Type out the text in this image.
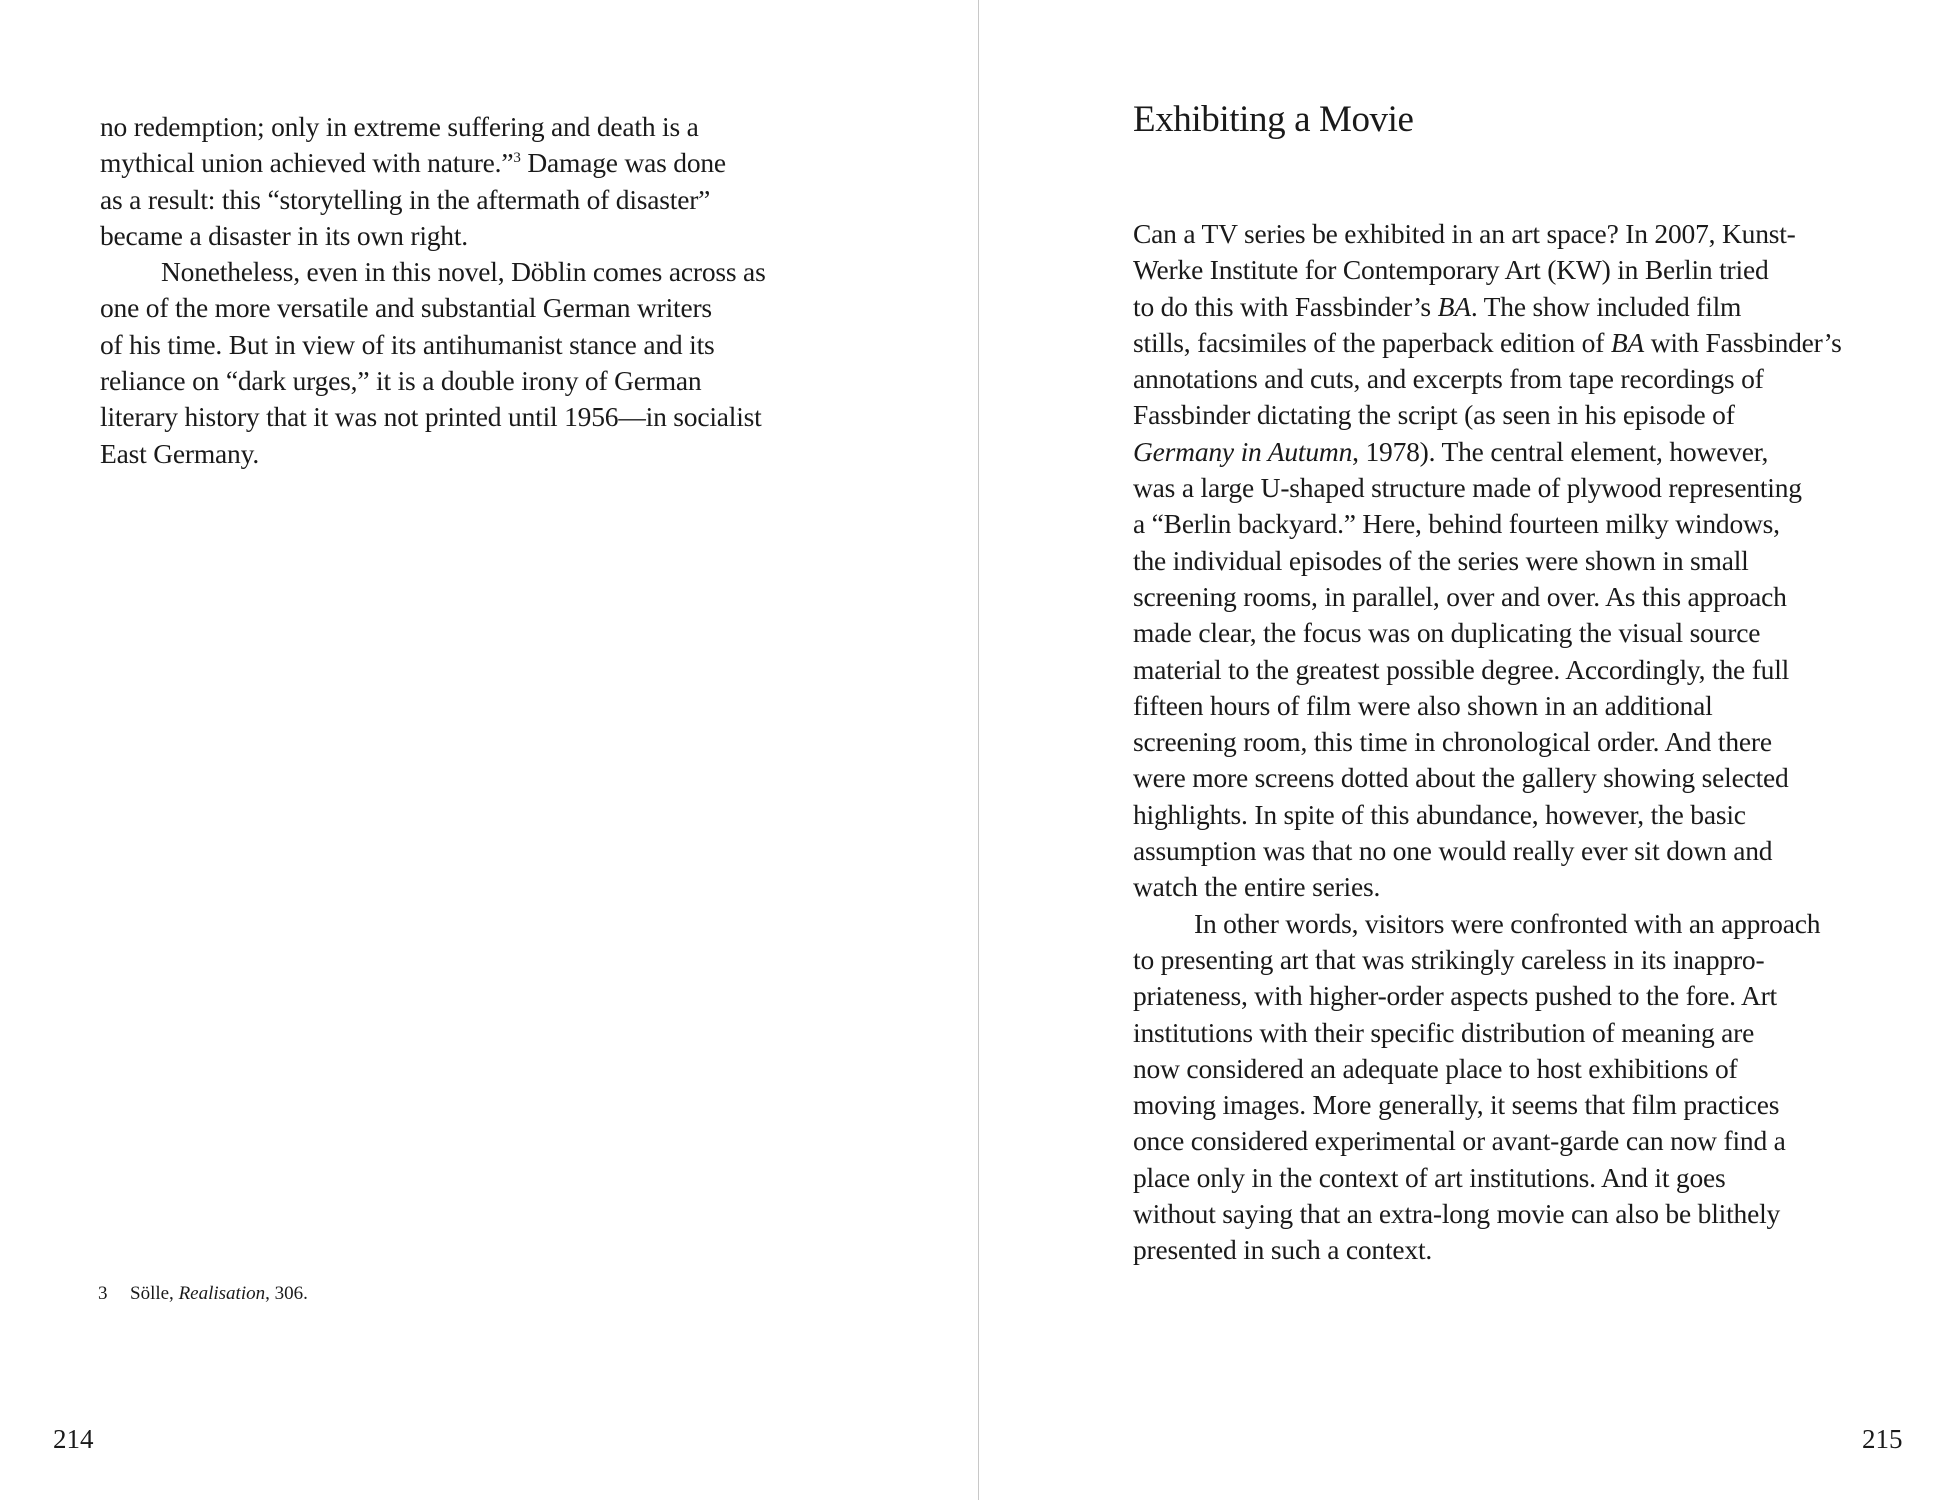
no redemption; only in extreme suffering and death is a
mythical union achieved with nature.”$^3$ Damage was done
as a result: this “storytelling in the aftermath of disaster”
became a disaster in its own right.
Nonetheless, even in this novel, Döblin comes across as
one of the more versatile and substantial German writers
of his time. But in view of its antihumanist stance and its
reliance on “dark urges,” it is a double irony of German
literary history that it was not printed until 1956—in socialist
East Germany.
3 Sölle, Realisation, 306.
214
Exhibiting a Movie
Can a TV series be exhibited in an art space? In 2007, Kunst-
Werke Institute for Contemporary Art (KW) in Berlin tried
to do this with Fassbinder’s BA. The show included film
stills, facsimiles of the paperback edition of BA with Fassbinder’s
annotations and cuts, and excerpts from tape recordings of
Fassbinder dictating the script (as seen in his episode of
Germany in Autumn, 1978). The central element, however,
was a large U-shaped structure made of plywood representing
a “Berlin backyard.” Here, behind fourteen milky windows,
the individual episodes of the series were shown in small
screening rooms, in parallel, over and over. As this approach
made clear, the focus was on duplicating the visual source
material to the greatest possible degree. Accordingly, the full
fifteen hours of film were also shown in an additional
screening room, this time in chronological order. And there
were more screens dotted about the gallery showing selected
highlights. In spite of this abundance, however, the basic
assumption was that no one would really ever sit down and
watch the entire series.
In other words, visitors were confronted with an approach
to presenting art that was strikingly careless in its inappro-
priateness, with higher-order aspects pushed to the fore. Art
institutions with their specific distribution of meaning are
now considered an adequate place to host exhibitions of
moving images. More generally, it seems that film practices
once considered experimental or avant-garde can now find a
place only in the context of art institutions. And it goes
without saying that an extra-long movie can also be blithely
presented in such a context.
215
